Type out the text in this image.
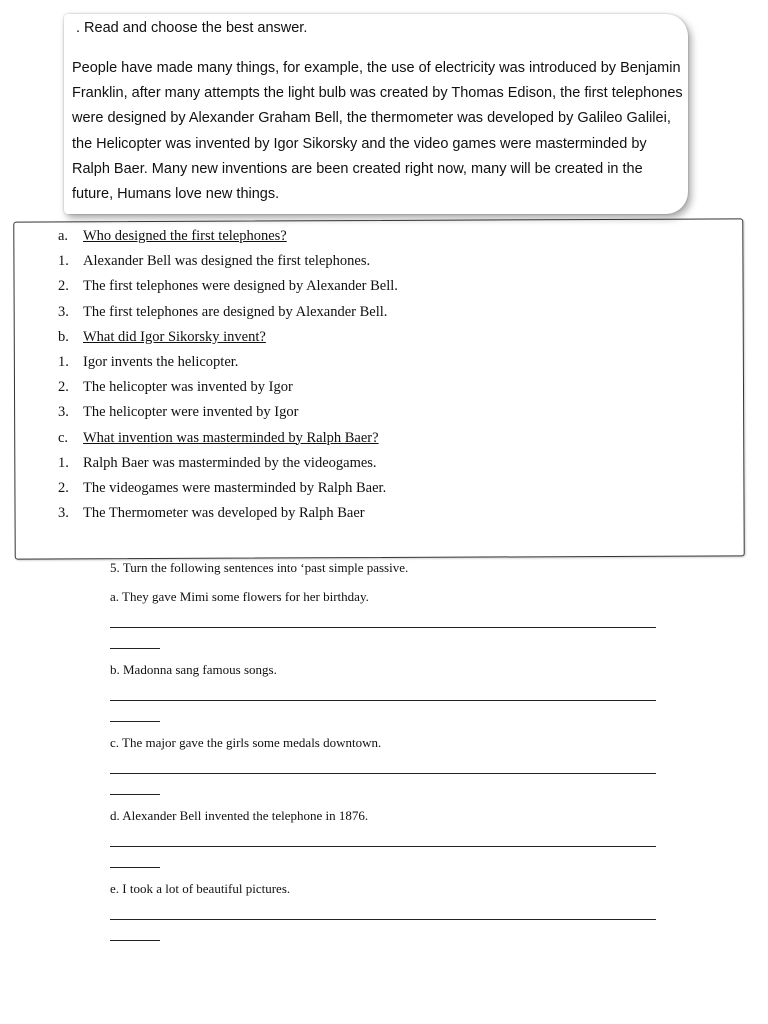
. Read and choose the best answer.

People have made many things, for example, the use of electricity was introduced by Benjamin Franklin, after many attempts the light bulb was created by Thomas Edison, the first telephones were designed by Alexander Graham Bell, the thermometer was developed by Galileo Galilei, the Helicopter was invented by Igor Sikorsky and the video games were masterminded by Ralph Baer. Many new inventions are been created right now, many will be created in the future, Humans love new things.

a.	Who designed the first telephones?
1. Alexander Bell was designed the first telephones.
2. The first telephones were designed by Alexander Bell.
3. The first telephones are designed by Alexander Bell.
b. What did Igor Sikorsky invent?
1. Igor invents the helicopter.
2. The helicopter was invented by Igor
3. The helicopter were invented by Igor
c.	What invention was masterminded by Ralph Baer?
1. Ralph Baer was masterminded by the videogames.
2. The videogames were masterminded by Ralph Baer.
3. The Thermometer was developed by Ralph Baer

5. Turn the following sentences into ‘past simple passive.

a. They gave Mimi some flowers for her birthday.

b. Madonna sang famous songs.

c. The major gave the girls some medals downtown.

d. Alexander Bell invented the telephone in 1876.

e. I took a lot of beautiful pictures.
